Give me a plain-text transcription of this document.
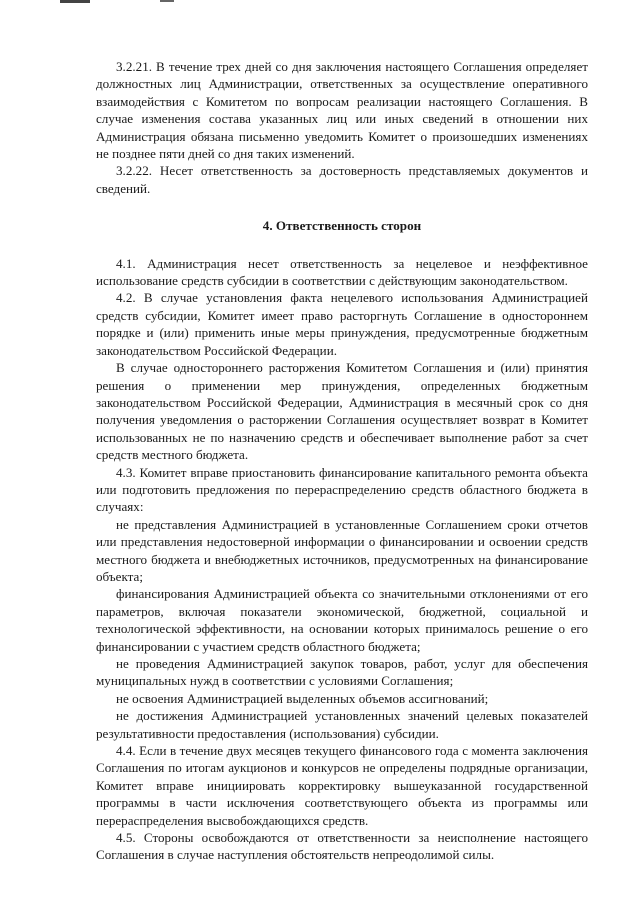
3.2.21. В течение трех дней со дня заключения настоящего Соглашения определяет должностных лиц Администрации, ответственных за осуществление оперативного взаимодействия с Комитетом по вопросам реализации настоящего Соглашения. В случае изменения состава указанных лиц или иных сведений в отношении них Администрация обязана письменно уведомить Комитет о произошедших изменениях не позднее пяти дней со дня таких изменений.

3.2.22. Несет ответственность за достоверность представляемых документов и сведений.

4. Ответственность сторон

4.1. Администрация несет ответственность за нецелевое и неэффективное использование средств субсидии в соответствии с действующим законодательством.

4.2. В случае установления факта нецелевого использования Администрацией средств субсидии, Комитет имеет право расторгнуть Соглашение в одностороннем порядке и (или) применить иные меры принуждения, предусмотренные бюджетным законодательством Российской Федерации.

В случае одностороннего расторжения Комитетом Соглашения и (или) принятия решения о применении мер принуждения, определенных бюджетным законодательством Российской Федерации, Администрация в месячный срок со дня получения уведомления о расторжении Соглашения осуществляет возврат в Комитет использованных не по назначению средств и обеспечивает выполнение работ за счет средств местного бюджета.

4.3. Комитет вправе приостановить финансирование капитального ремонта объекта или подготовить предложения по перераспределению средств областного бюджета в случаях:

не представления Администрацией в установленные Соглашением сроки отчетов или представления недостоверной информации о финансировании и освоении средств местного бюджета и внебюджетных источников, предусмотренных на финансирование объекта;

финансирования Администрацией объекта со значительными отклонениями от его параметров, включая показатели экономической, бюджетной, социальной и технологической эффективности, на основании которых принималось решение о его финансировании с участием средств областного бюджета;

не проведения Администрацией закупок товаров, работ, услуг для обеспечения муниципальных нужд в соответствии с условиями Соглашения;

не освоения Администрацией выделенных объемов ассигнований;

не достижения Администрацией установленных значений целевых показателей результативности предоставления (использования) субсидии.

4.4. Если в течение двух месяцев текущего финансового года с момента заключения Соглашения по итогам аукционов и конкурсов не определены подрядные организации, Комитет вправе инициировать корректировку вышеуказанной государственной программы в части исключения соответствующего объекта из программы или перераспределения высвобождающихся средств.

4.5. Стороны освобождаются от ответственности за неисполнение настоящего Соглашения в случае наступления обстоятельств непреодолимой силы.
